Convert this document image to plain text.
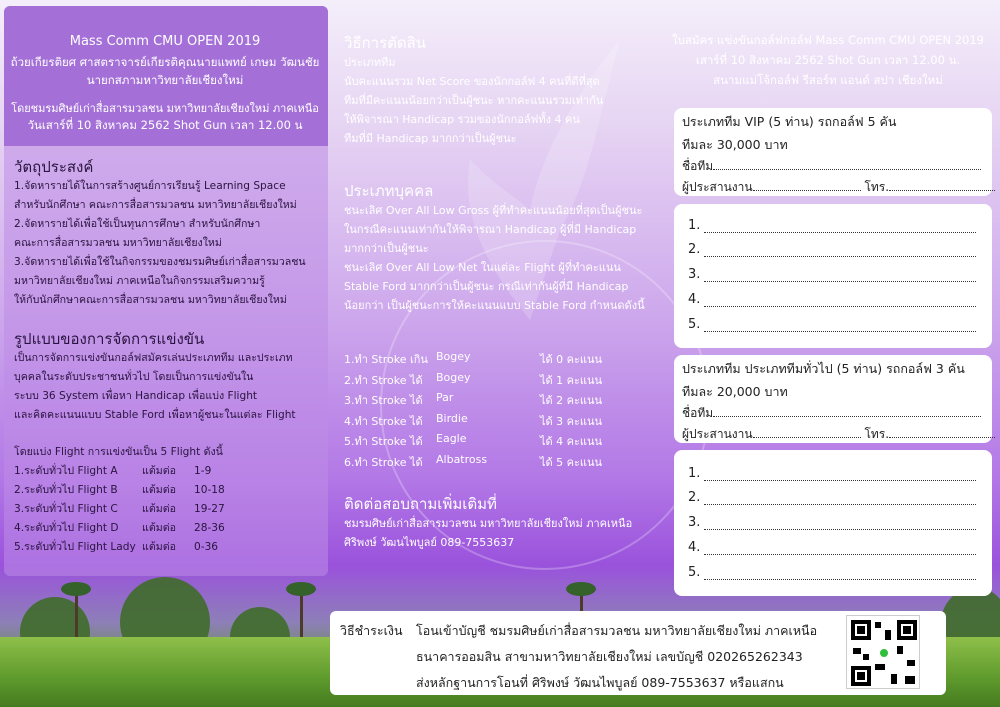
Mass Comm CMU OPEN 2019
ถ้วยเกียรติยศ ศาสตราจารย์เกียรติคุณนายแพทย์ เกษม วัฒนชัย
นายกสภามหาวิทยาลัยเชียงใหม่
โดยชมรมศิษย์เก่าสื่อสารมวลชน มหาวิทยาลัยเชียงใหม่ ภาคเหนือ
วันเสาร์ที่ 10 สิงหาคม 2562 Shot Gun เวลา 12.00 น
วัตถุประสงค์
1.จัดหารายได้ในการสร้างศูนย์การเรียนรู้ Learning Space
สำหรับนักศึกษา คณะการสื่อสารมวลชน มหาวิทยาลัยเชียงใหม่
2.จัดหารายได้เพื่อใช้เป็นทุนการศึกษา สำหรับนักศึกษา
คณะการสื่อสารมวลชน มหาวิทยาลัยเชียงใหม่
3.จัดหารายได้เพื่อใช้ในกิจกรรมของชมรมศิษย์เก่าสื่อสารมวลชน
มหาวิทยาลัยเชียงใหม่ ภาคเหนือในกิจกรรมเสริมความรู้
ให้กับนักศึกษาคณะการสื่อสารมวลชน มหาวิทยาลัยเชียงใหม่
รูปแบบของการจัดการแข่งขัน
เป็นการจัดการแข่งขันกอล์ฟสมัครเล่นประเภททีม และประเภท
บุคคลในระดับประชาชนทั่วไป โดยเป็นการแข่งขันใน
ระบบ 36 System เพื่อหา Handicap เพื่อแบ่ง Flight
และคิดคะแนนแบบ Stable Ford เพื่อหาผู้ชนะในแต่ละ Flight
โดยแบ่ง Flight การแข่งขันเป็น 5 Flight ดังนี้
1.ระดับทั่วไป Flight A แต้มต่อ 1-9
2.ระดับทั่วไป Flight B แต้มต่อ 10-18
3.ระดับทั่วไป Flight C แต้มต่อ 19-27
4.ระดับทั่วไป Flight D แต้มต่อ 28-36
5.ระดับทั่วไป Flight Lady แต้มต่อ 0-36
วิธีการตัดสิน
ประเภททีม
นับคะแนนรวม Net Score ของนักกอล์ฟ 4 คนที่ดีที่สุด
ทีมที่มีคะแนนน้อยกว่าเป็นผู้ชนะ หากคะแนนรวมเท่ากัน
ให้พิจารณา Handicap รวมของนักกอล์ฟทั้ง 4 คน
ทีมที่มี Handicap มากกว่าเป็นผู้ชนะ
ประเภทบุคคล
ชนะเลิศ Over All Low Gross ผู้ที่ทำคะแนนน้อยที่สุดเป็นผู้ชนะ
ในกรณีคะแนนเท่ากันให้พิจารณา Handicap ผู้ที่มี Handicap
มากกว่าเป็นผู้ชนะ
ชนะเลิศ Over All Low Net ในแต่ละ Flight ผู้ที่ทำคะแนน
Stable Ford มากกว่าเป็นผู้ชนะ กรณีเท่ากันผู้ที่มี Handicap
น้อยกว่า เป็นผู้ชนะการให้คะแนนแบบ Stable Ford กำหนดดังนี้
1.ทำ Stroke เกิน Bogey	ได้ 0 คะแนน
2.ทำ Stroke ได้ Bogey	ได้ 1 คะแนน
3.ทำ Stroke ได้ Par	ได้ 2 คะแนน
4.ทำ Stroke ได้ Birdie	ได้ 3 คะแนน
5.ทำ Stroke ได้ Eagle	ได้ 4 คะแนน
6.ทำ Stroke ได้ Albatross	ได้ 5 คะแนน
ติดต่อสอบถามเพิ่มเติมที่
ชมรมศิษย์เก่าสื่อสารมวลชน มหาวิทยาลัยเชียงใหม่ ภาคเหนือ
ศิริพงษ์ วัฒนไพบูลย์ 089-7553637
ใบสมัคร แข่งขันกอล์ฟกอล์ฟ Mass Comm CMU OPEN 2019
เสาร์ที่ 10 สิงหาคม 2562 Shot Gun เวลา 12.00 น.
สนามแม่โจ้กอล์ฟ รีสอร์ท แอนด์ สปา เชียงใหม่
ประเภททีม VIP (5 ท่าน) รถกอล์ฟ 5 คัน
ทีมละ 30,000 บาท
ชื่อทีม
ผู้ประสานงาน	โทร.
1.
2.
3.
4.
5.
ประเภททีม ประเภททีมทั่วไป (5 ท่าน) รถกอล์ฟ 3 คัน
ทีมละ 20,000 บาท
ชื่อทีม
ผู้ประสานงาน	โทร.
1.
2.
3.
4.
5.
วิธีชำระเงิน โอนเข้าบัญชี ชมรมศิษย์เก่าสื่อสารมวลชน มหาวิทยาลัยเชียงใหม่ ภาคเหนือ
ธนาคารออมสิน สาขามหาวิทยาลัยเชียงใหม่ เลขบัญชี 020265262343
ส่งหลักฐานการโอนที่ ศิริพงษ์ วัฒนไพบูลย์ 089-7553637 หรือแสกน
